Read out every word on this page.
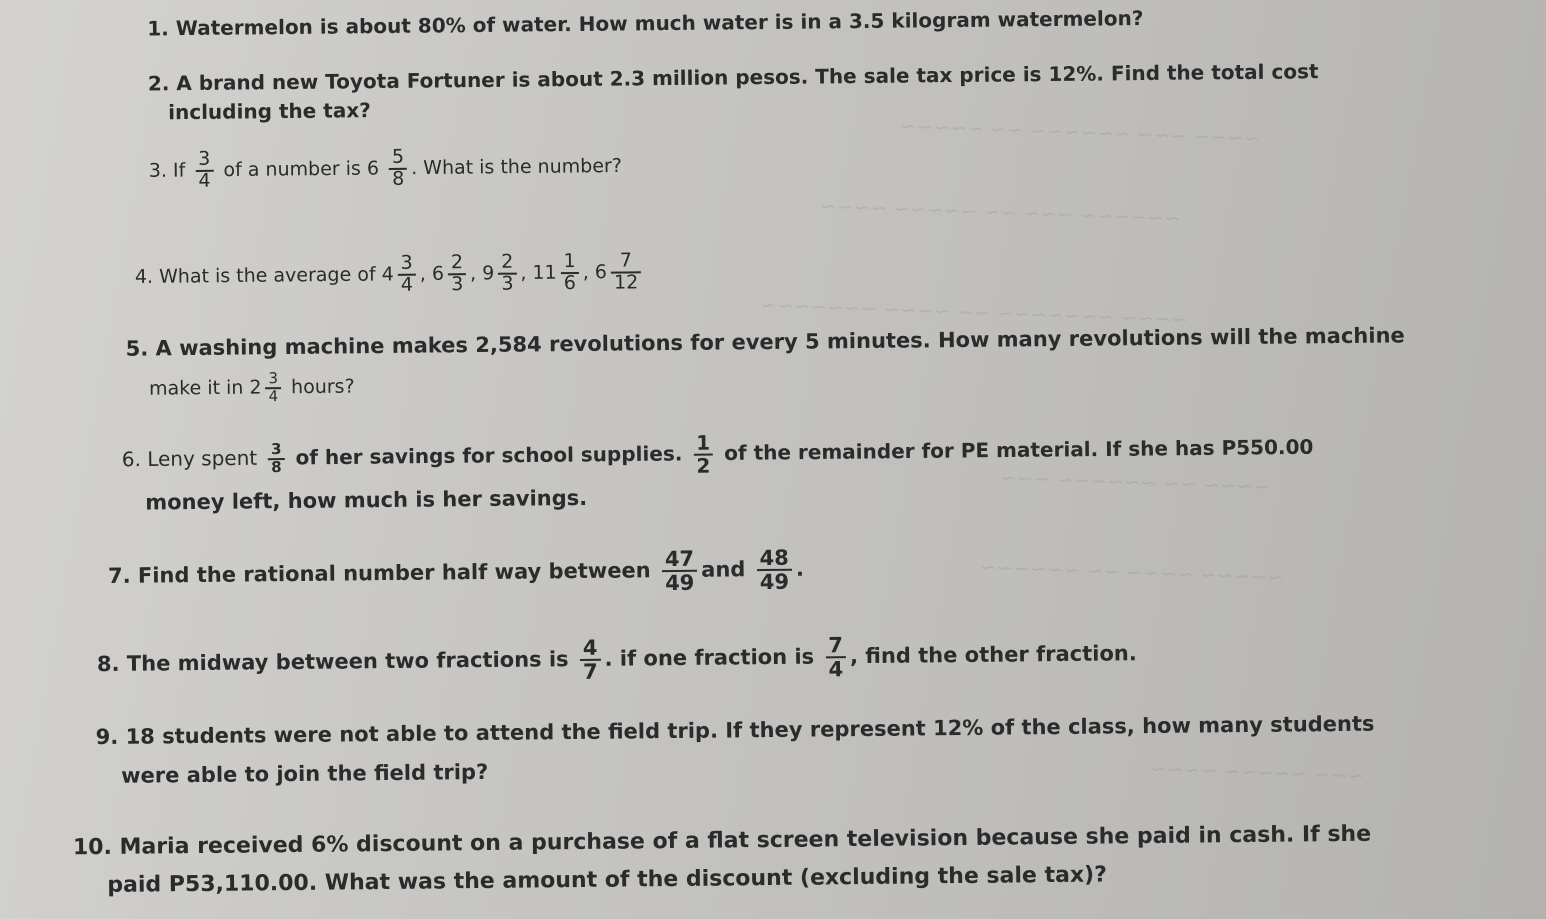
~~~~ ~~~ ~~~~~~ ~~ ~~~~~
~~~~~~ ~~~ ~~ ~~~~~ ~~~~
~~~~ ~~~~~~~ ~~ ~~~~ ~~~~~~~
~~~~ ~~ ~~~~~~ ~~~
~~~~~ ~~~~ ~~ ~~~~~~
~~~ ~~~~~ ~~~~
1. Watermelon is about 80% of water. How much water is in a 3.5 kilogram watermelon?
2. A brand new Toyota Fortuner is about 2.3 million pesos. The sale tax price is 12%. Find the total cost
including the tax?
3. If $\frac{3}{4}$ of a number is $6 \frac{5}{8}$ . What is the number?
4. What is the average of $4 \frac{3}{4}$ , $6 \frac{2}{3}$ , $9 \frac{2}{3}$ , $11 \frac{1}{6}$ , $6 \frac{7}{12}$
5. A washing machine makes 2,584 revolutions for every 5 minutes. How many revolutions will the machine
make it in $2 \frac{3}{4}$ hours?
6. Leny spent $\frac{3}{8}$ of her savings for school supplies. $\frac{1}{2}$ of the remainder for PE material. If she has P550.00
money left, how much is her savings.
7. Find the rational number half way between $\frac{47}{49}$ and $\frac{48}{49}$ .
8. The midway between two fractions is $\frac{4}{7}$ . if one fraction is $\frac{7}{4}$ , find the other fraction.
9. 18 students were not able to attend the field trip. If they represent 12% of the class, how many students
were able to join the field trip?
10. Maria received 6% discount on a purchase of a flat screen television because she paid in cash. If she
paid P53,110.00. What was the amount of the discount (excluding the sale tax)?
